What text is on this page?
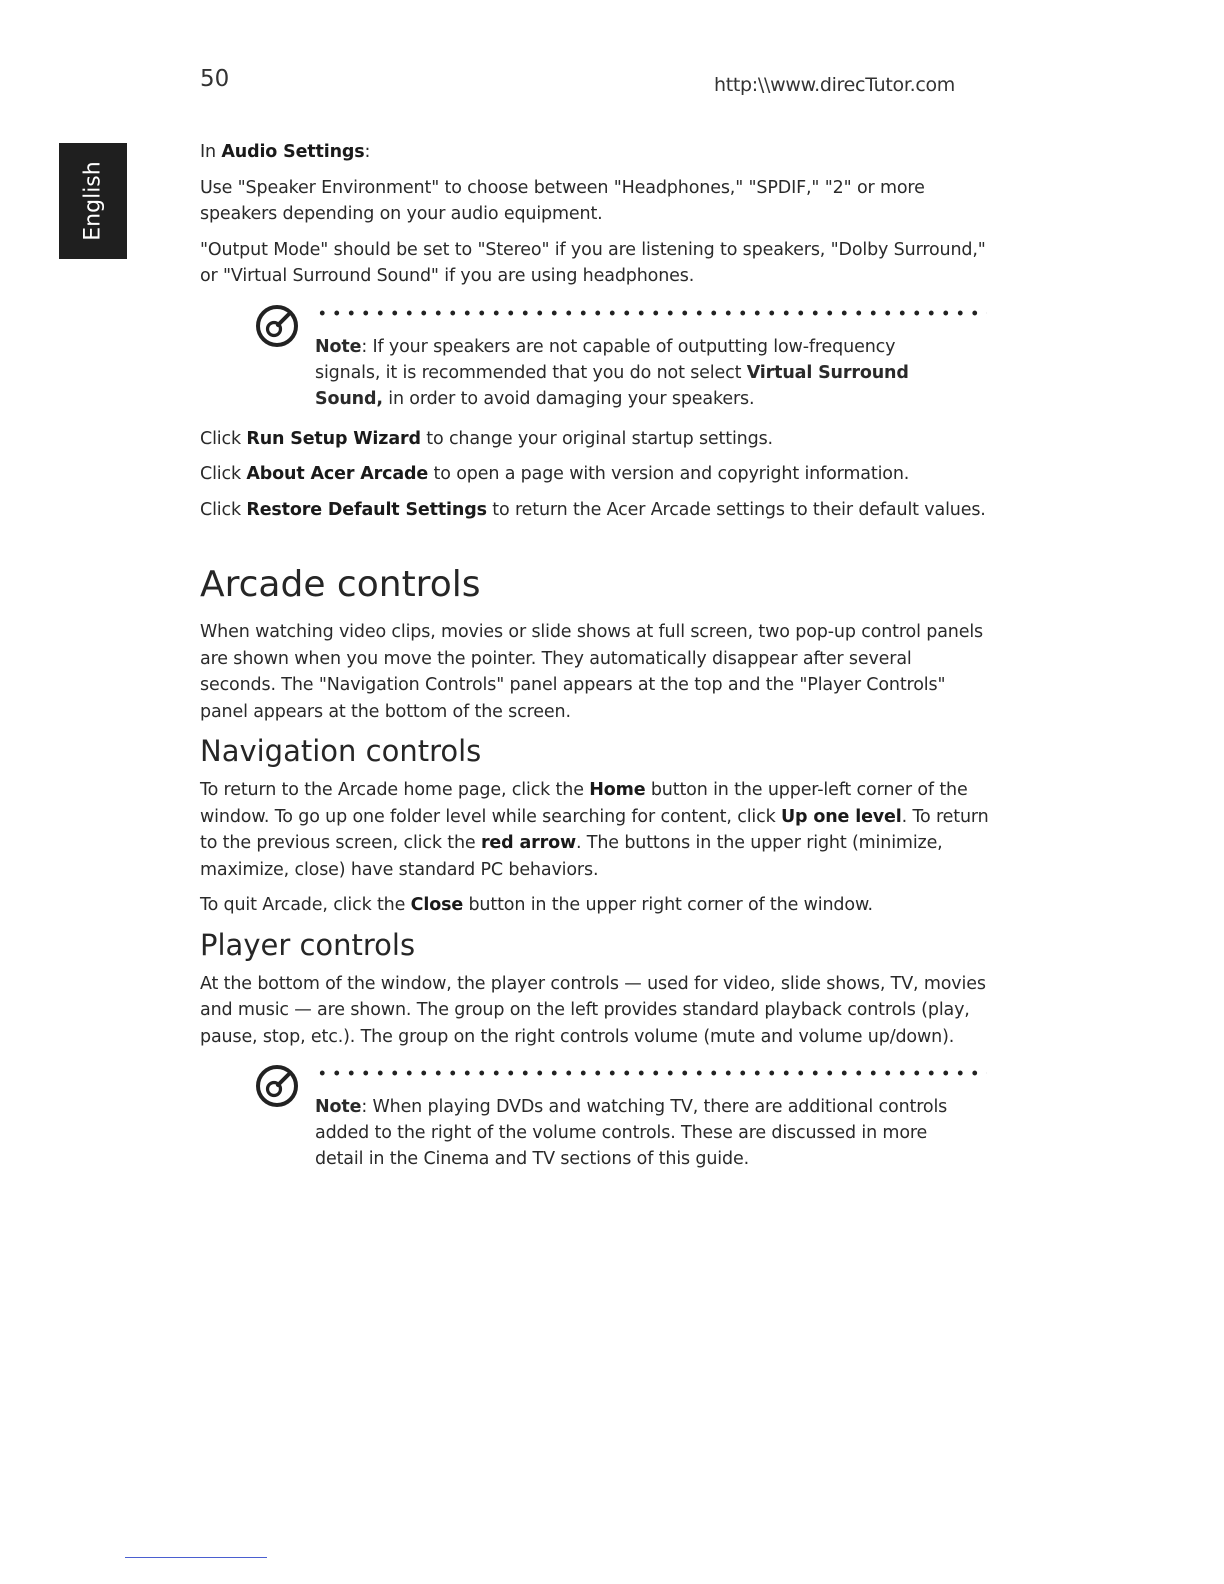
50	http:\\www.direcTutor.com
English

In Audio Settings:

Use "Speaker Environment" to choose between "Headphones," "SPDIF," "2" or more speakers depending on your audio equipment.

"Output Mode" should be set to "Stereo" if you are listening to speakers, "Dolby Surround," or "Virtual Surround Sound" if you are using headphones.

Note: If your speakers are not capable of outputting low-frequency signals, it is recommended that you do not select Virtual Surround Sound, in order to avoid damaging your speakers.

Click Run Setup Wizard to change your original startup settings.

Click About Acer Arcade to open a page with version and copyright information.

Click Restore Default Settings to return the Acer Arcade settings to their default values.

Arcade controls

When watching video clips, movies or slide shows at full screen, two pop-up control panels are shown when you move the pointer. They automatically disappear after several seconds. The "Navigation Controls" panel appears at the top and the "Player Controls" panel appears at the bottom of the screen.

Navigation controls

To return to the Arcade home page, click the Home button in the upper-left corner of the window. To go up one folder level while searching for content, click Up one level. To return to the previous screen, click the red arrow. The buttons in the upper right (minimize, maximize, close) have standard PC behaviors.

To quit Arcade, click the Close button in the upper right corner of the window.

Player controls

At the bottom of the window, the player controls — used for video, slide shows, TV, movies and music — are shown. The group on the left provides standard playback controls (play, pause, stop, etc.). The group on the right controls volume (mute and volume up/down).

Note: When playing DVDs and watching TV, there are additional controls added to the right of the volume controls. These are discussed in more detail in the Cinema and TV sections of this guide.
